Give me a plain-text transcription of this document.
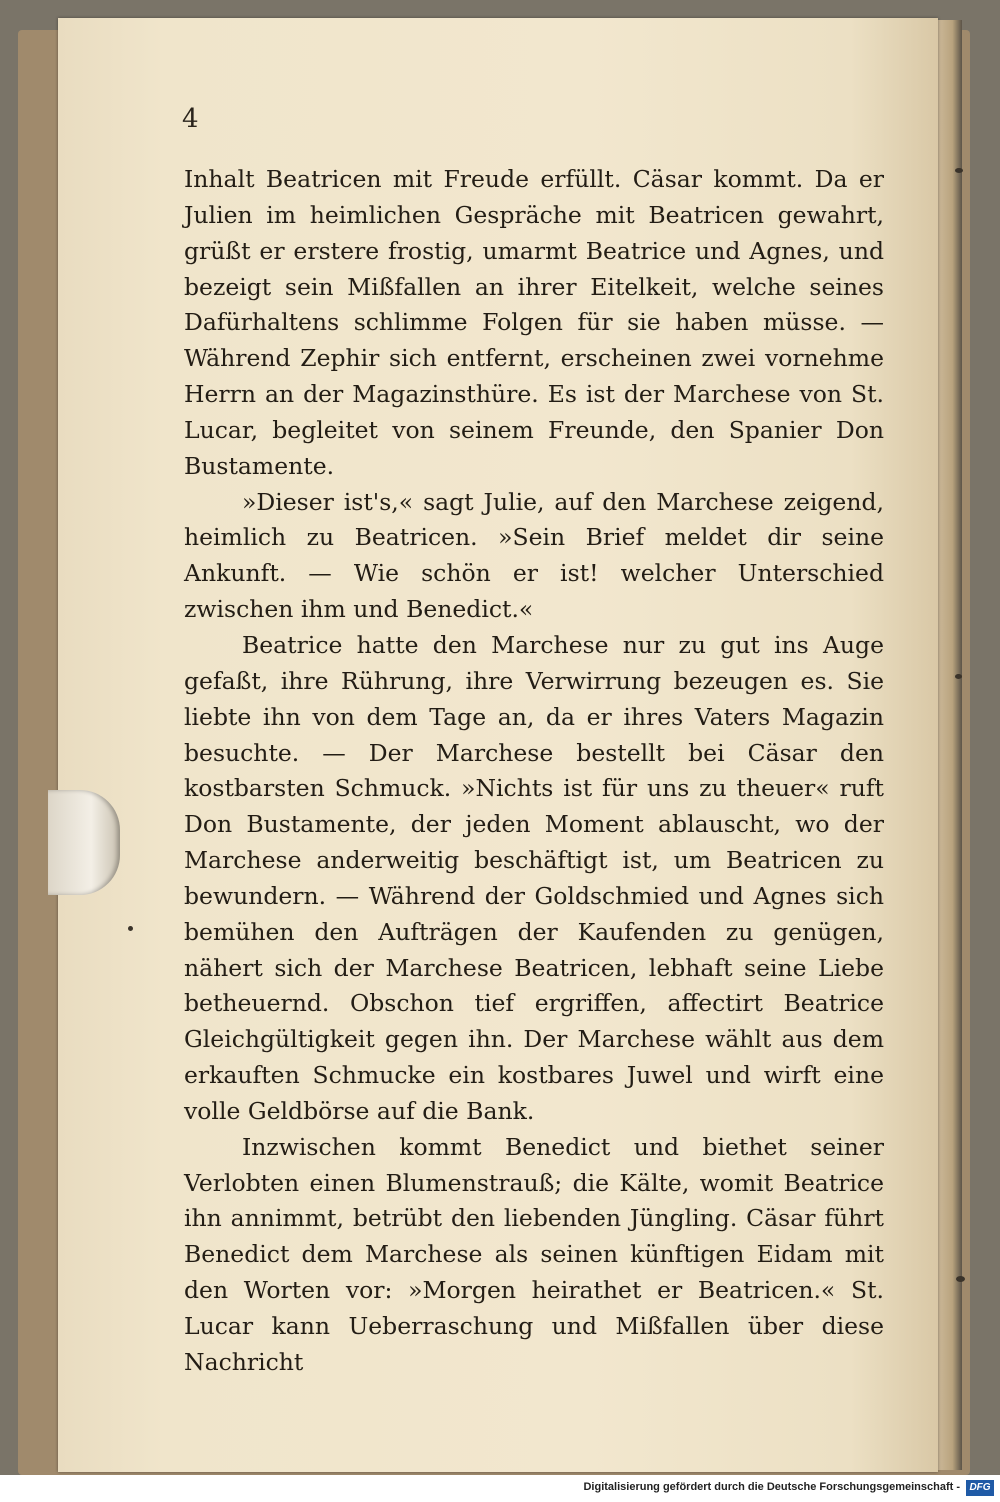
4

Inhalt Beatricen mit Freude erfüllt. Cäsar kommt. Da er Julien im heimlichen Gespräche mit Beatricen gewahrt, grüßt er erstere frostig, umarmt Beatrice und Agnes, und bezeigt sein Mißfallen an ihrer Eitelkeit, welche seines Dafürhaltens schlimme Folgen für sie haben müsse. — Während Zephir sich entfernt, erscheinen zwei vornehme Herrn an der Magazinsthüre. Es ist der Marchese von St. Lucar, begleitet von seinem Freunde, den Spanier Don Bustamente.

»Dieser ist's,« sagt Julie, auf den Marchese zeigend, heimlich zu Beatricen. »Sein Brief meldet dir seine Ankunft. — Wie schön er ist! welcher Unterschied zwischen ihm und Benedict.«

Beatrice hatte den Marchese nur zu gut ins Auge gefaßt, ihre Rührung, ihre Verwirrung bezeugen es. Sie liebte ihn von dem Tage an, da er ihres Vaters Magazin besuchte. — Der Marchese bestellt bei Cäsar den kostbarsten Schmuck. »Nichts ist für uns zu theuer« ruft Don Bustamente, der jeden Moment ablauscht, wo der Marchese anderweitig beschäftigt ist, um Beatricen zu bewundern. — Während der Goldschmied und Agnes sich bemühen den Aufträgen der Kaufenden zu genügen, nähert sich der Marchese Beatricen, lebhaft seine Liebe betheuernd. Obschon tief ergriffen, affectirt Beatrice Gleichgültigkeit gegen ihn. Der Marchese wählt aus dem erkauften Schmucke ein kostbares Juwel und wirft eine volle Geldbörse auf die Bank.

Inzwischen kommt Benedict und biethet seiner Verlobten einen Blumenstrauß; die Kälte, womit Beatrice ihn annimmt, betrübt den liebenden Jüngling. Cäsar führt Benedict dem Marchese als seinen künftigen Eidam mit den Worten vor: »Morgen heirathet er Beatricen.« St. Lucar kann Ueberraschung und Mißfallen über diese Nachricht

Digitalisierung gefördert durch die Deutsche Forschungsgemeinschaft - DFG
